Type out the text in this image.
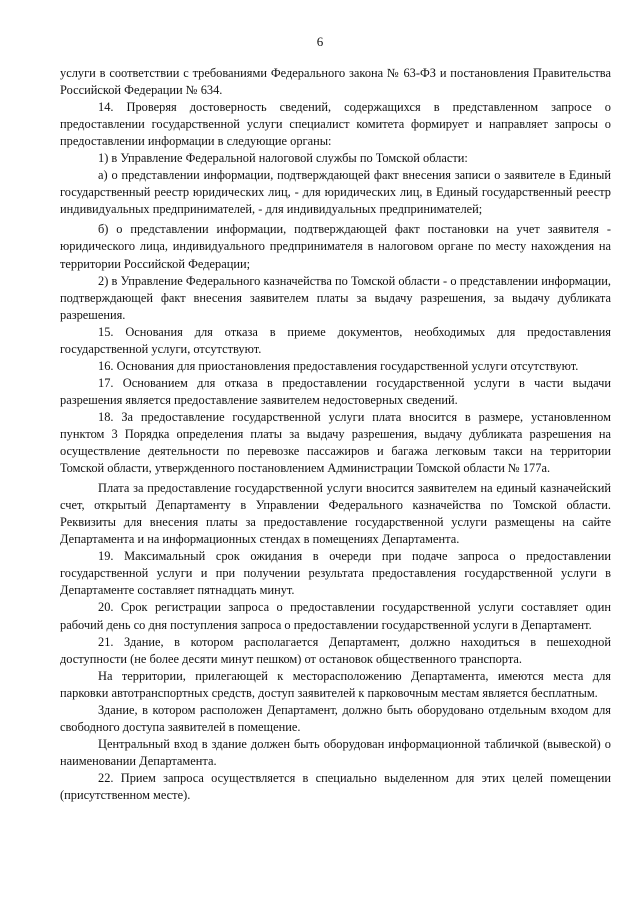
6

услуги в соответствии с требованиями Федерального закона № 63-ФЗ и постановления Правительства Российской Федерации № 634.

14. Проверяя достоверность сведений, содержащихся в представленном запросе о предоставлении государственной услуги специалист комитета формирует и направляет запросы о предоставлении информации в следующие органы:

1) в Управление Федеральной налоговой службы по Томской области:

а) о представлении информации, подтверждающей факт внесения записи о заявителе в Единый государственный реестр юридических лиц, - для юридических лиц, в Единый государственный реестр индивидуальных предпринимателей, - для индивидуальных предпринимателей;

б) о представлении информации, подтверждающей факт постановки на учет заявителя - юридического лица, индивидуального предпринимателя в налоговом органе по месту нахождения на территории Российской Федерации;

2) в Управление Федерального казначейства по Томской области - о представлении информации, подтверждающей факт внесения заявителем платы за выдачу разрешения, за выдачу дубликата разрешения.

15. Основания для отказа в приеме документов, необходимых для предоставления государственной услуги, отсутствуют.

16. Основания для приостановления предоставления государственной услуги отсутствуют.

17. Основанием для отказа в предоставлении государственной услуги в части выдачи разрешения является предоставление заявителем недостоверных сведений.

18. За предоставление государственной услуги плата вносится в размере, установленном пунктом 3 Порядка определения платы за выдачу разрешения, выдачу дубликата разрешения на осуществление деятельности по перевозке пассажиров и багажа легковым такси на территории Томской области, утвержденного постановлением Администрации Томской области № 177а.

Плата за предоставление государственной услуги вносится заявителем на единый казначейский счет, открытый Департаменту в Управлении Федерального казначейства по Томской области. Реквизиты для внесения платы за предоставление государственной услуги размещены на сайте Департамента и на информационных стендах в помещениях Департамента.

19. Максимальный срок ожидания в очереди при подаче запроса о предоставлении государственной услуги и при получении результата предоставления государственной услуги в Департаменте составляет пятнадцать минут.

20. Срок регистрации запроса о предоставлении государственной услуги составляет один рабочий день со дня поступления запроса о предоставлении государственной услуги в Департамент.

21. Здание, в котором располагается Департамент, должно находиться в пешеходной доступности (не более десяти минут пешком) от остановок общественного транспорта.

На территории, прилегающей к месторасположению Департамента, имеются места для парковки автотранспортных средств, доступ заявителей к парковочным местам является бесплатным.

Здание, в котором расположен Департамент, должно быть оборудовано отдельным входом для свободного доступа заявителей в помещение.

Центральный вход в здание должен быть оборудован информационной табличкой (вывеской) о наименовании Департамента.

22. Прием запроса осуществляется в специально выделенном для этих целей помещении (присутственном месте).
